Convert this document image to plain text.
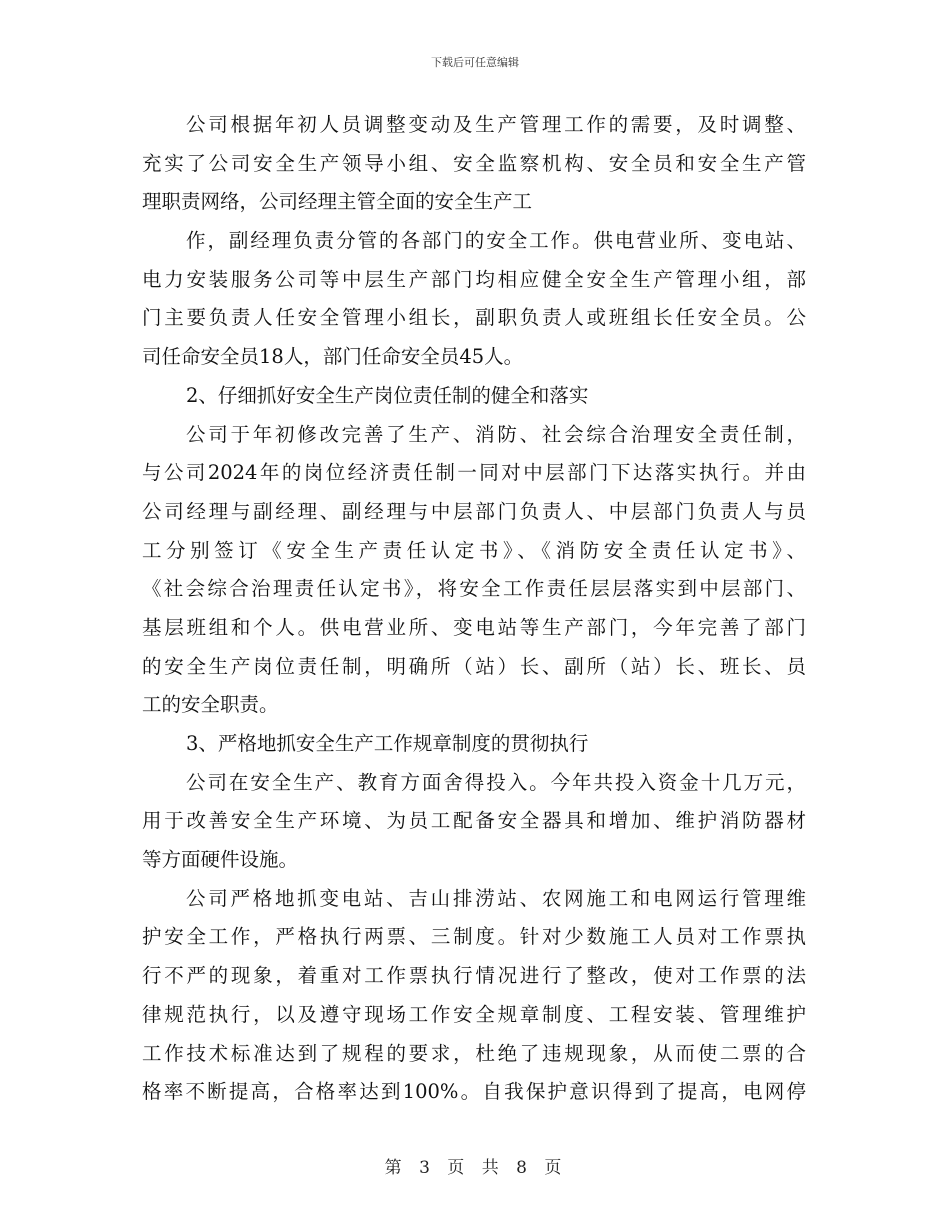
下载后可任意编辑
公司根据年初人员调整变动及生产管理工作的需要，及时调整、
充实了公司安全生产领导小组、安全监察机构、安全员和安全生产管
理职责网络，公司经理主管全面的安全生产工
作，副经理负责分管的各部门的安全工作。供电营业所、变电站、
电力安装服务公司等中层生产部门均相应健全安全生产管理小组，部
门主要负责人任安全管理小组长，副职负责人或班组长任安全员。公
司任命安全员18人，部门任命安全员45人。
2、仔细抓好安全生产岗位责任制的健全和落实
公司于年初修改完善了生产、消防、社会综合治理安全责任制，
与公司2024年的岗位经济责任制一同对中层部门下达落实执行。并由
公司经理与副经理、副经理与中层部门负责人、中层部门负责人与员
工分别签订《安全生产责任认定书》、《消防安全责任认定书》、
《社会综合治理责任认定书》，将安全工作责任层层落实到中层部门、
基层班组和个人。供电营业所、变电站等生产部门，今年完善了部门
的安全生产岗位责任制，明确所（站）长、副所（站）长、班长、员
工的安全职责。
3、严格地抓安全生产工作规章制度的贯彻执行
公司在安全生产、教育方面舍得投入。今年共投入资金十几万元，
用于改善安全生产环境、为员工配备安全器具和增加、维护消防器材
等方面硬件设施。
公司严格地抓变电站、吉山排涝站、农网施工和电网运行管理维
护安全工作，严格执行两票、三制度。针对少数施工人员对工作票执
行不严的现象，着重对工作票执行情况进行了整改，使对工作票的法
律规范执行，以及遵守现场工作安全规章制度、工程安装、管理维护
工作技术标准达到了规程的要求，杜绝了违规现象，从而使二票的合
格率不断提高，合格率达到100%。自我保护意识得到了提高，电网停
第 3 页 共 8 页
